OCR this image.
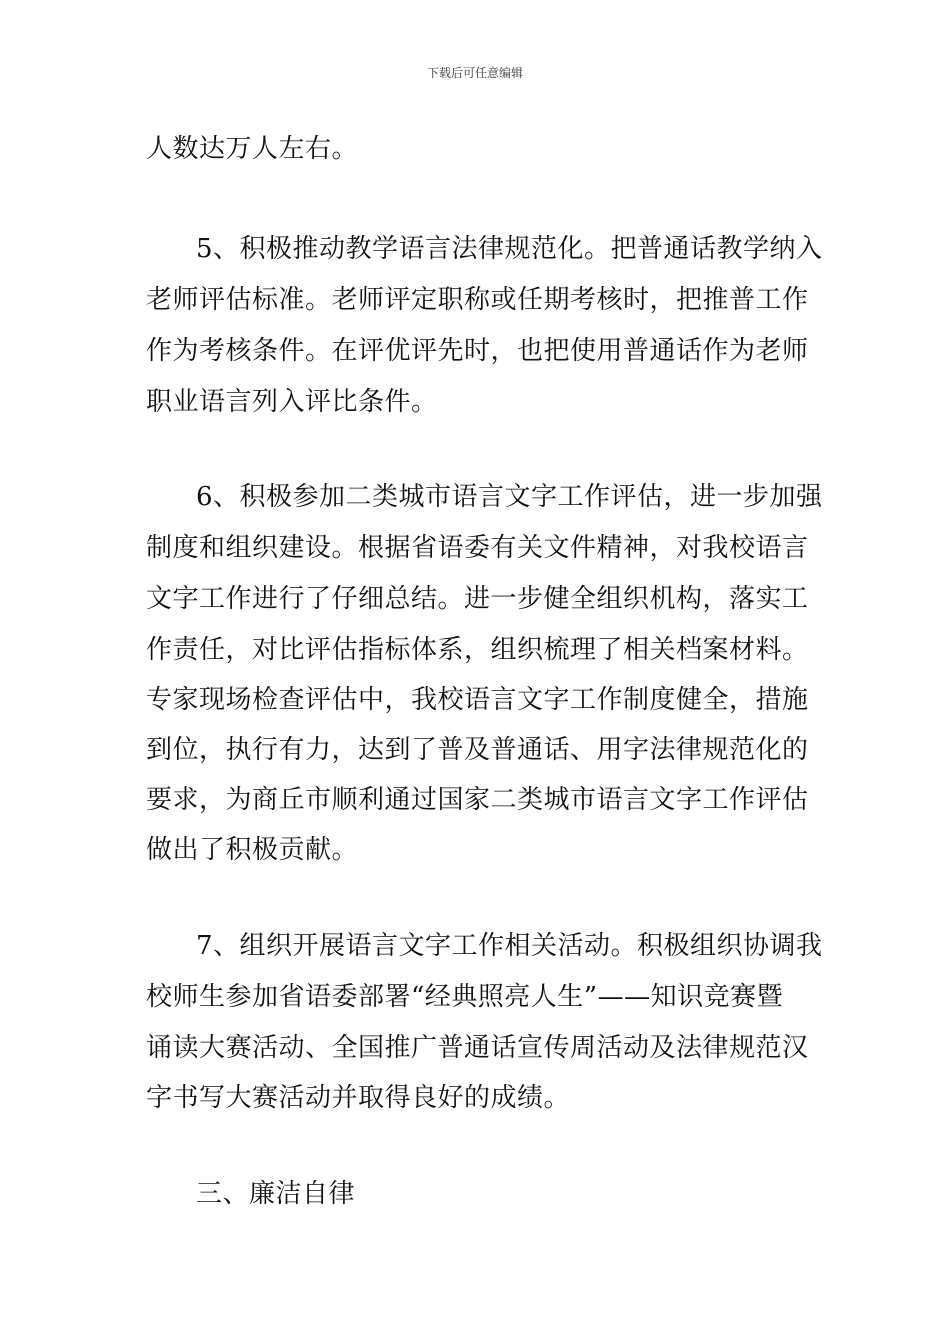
下载后可任意编辑
人数达万人左右。
5、积极推动教学语言法律规范化。把普通话教学纳入
老师评估标准。老师评定职称或任期考核时，把推普工作
作为考核条件。在评优评先时，也把使用普通话作为老师
职业语言列入评比条件。
6、积极参加二类城市语言文字工作评估，进一步加强
制度和组织建设。根据省语委有关文件精神，对我校语言
文字工作进行了仔细总结。进一步健全组织机构，落实工
作责任，对比评估指标体系，组织梳理了相关档案材料。
专家现场检查评估中，我校语言文字工作制度健全，措施
到位，执行有力，达到了普及普通话、用字法律规范化的
要求，为商丘市顺利通过国家二类城市语言文字工作评估
做出了积极贡献。
7、组织开展语言文字工作相关活动。积极组织协调我
校师生参加省语委部署“经典照亮人生”——知识竞赛暨
诵读大赛活动、全国推广普通话宣传周活动及法律规范汉
字书写大赛活动并取得良好的成绩。
三、廉洁自律
